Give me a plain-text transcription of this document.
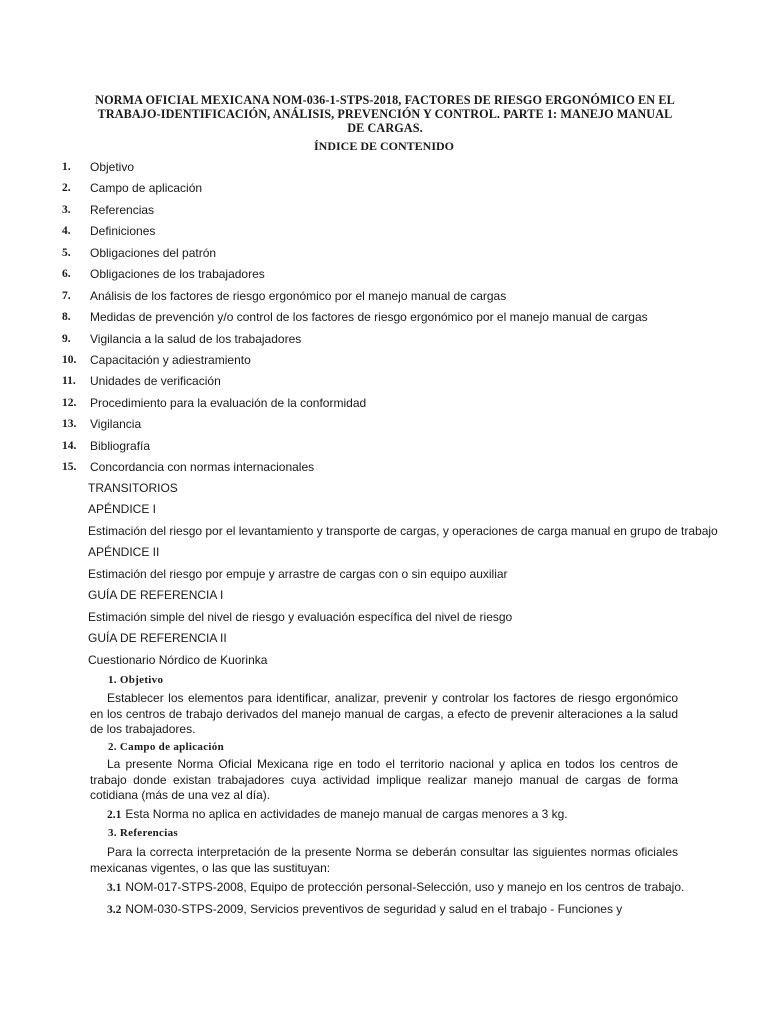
NORMA OFICIAL MEXICANA NOM-036-1-STPS-2018, FACTORES DE RIESGO ERGONÓMICO EN EL TRABAJO-IDENTIFICACIÓN, ANÁLISIS, PREVENCIÓN Y CONTROL. PARTE 1: MANEJO MANUAL DE CARGAS.
ÍNDICE DE CONTENIDO
1. Objetivo
2. Campo de aplicación
3. Referencias
4. Definiciones
5. Obligaciones del patrón
6. Obligaciones de los trabajadores
7. Análisis de los factores de riesgo ergonómico por el manejo manual de cargas
8. Medidas de prevención y/o control de los factores de riesgo ergonómico por el manejo manual de cargas
9. Vigilancia a la salud de los trabajadores
10. Capacitación y adiestramiento
11. Unidades de verificación
12. Procedimiento para la evaluación de la conformidad
13. Vigilancia
14. Bibliografía
15. Concordancia con normas internacionales
TRANSITORIOS
APÉNDICE I
Estimación del riesgo por el levantamiento y transporte de cargas, y operaciones de carga manual en grupo de trabajo
APÉNDICE II
Estimación del riesgo por empuje y arrastre de cargas con o sin equipo auxiliar
GUÍA DE REFERENCIA I
Estimación simple del nivel de riesgo y evaluación específica del nivel de riesgo
GUÍA DE REFERENCIA II
Cuestionario Nórdico de Kuorinka
1. Objetivo

Establecer los elementos para identificar, analizar, prevenir y controlar los factores de riesgo ergonómico en los centros de trabajo derivados del manejo manual de cargas, a efecto de prevenir alteraciones a la salud de los trabajadores.

2. Campo de aplicación

La presente Norma Oficial Mexicana rige en todo el territorio nacional y aplica en todos los centros de trabajo donde existan trabajadores cuya actividad implique realizar manejo manual de cargas de forma cotidiana (más de una vez al día).

2.1 Esta Norma no aplica en actividades de manejo manual de cargas menores a 3 kg.
3. Referencias

Para la correcta interpretación de la presente Norma se deberán consultar las siguientes normas oficiales mexicanas vigentes, o las que las sustituyan:

3.1 NOM-017-STPS-2008, Equipo de protección personal-Selección, uso y manejo en los centros de trabajo.
3.2 NOM-030-STPS-2009, Servicios preventivos de seguridad y salud en el trabajo - Funciones y
